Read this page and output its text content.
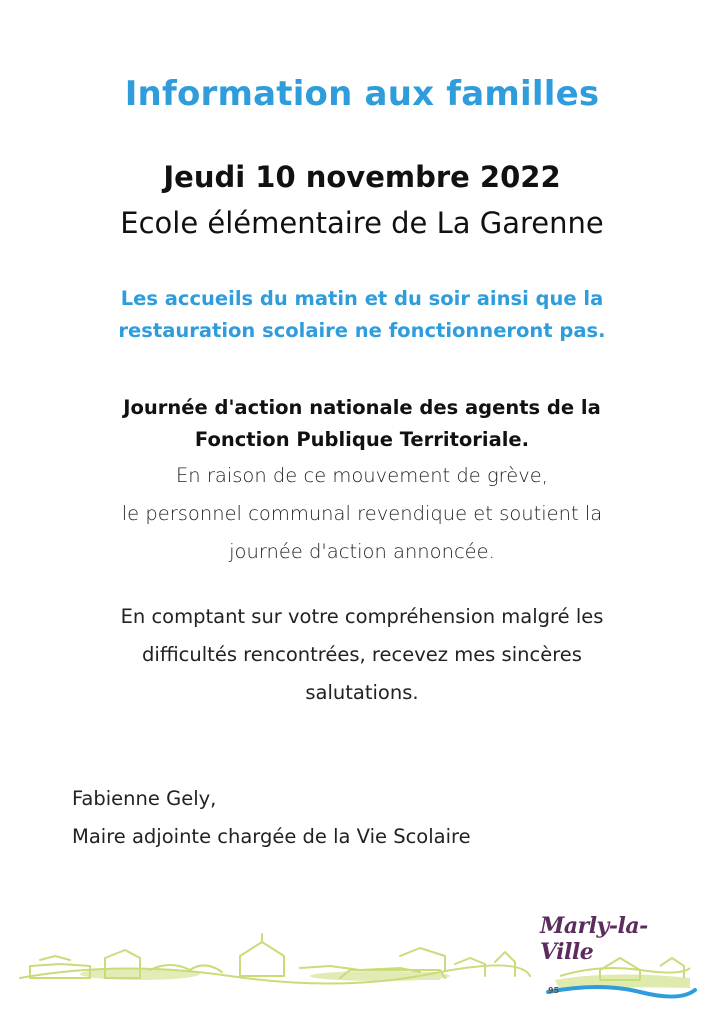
Information aux familles
Jeudi 10 novembre 2022
Ecole élémentaire de La Garenne
Les accueils du matin et du soir ainsi que la
restauration scolaire ne fonctionneront pas.
Journée d'action nationale des agents de la
Fonction Publique Territoriale.
En raison de ce mouvement de grève,
le personnel communal revendique et soutient la
journée d'action annoncée.
En comptant sur votre compréhension malgré les
difficultés rencontrées, recevez mes sincères
salutations.
Fabienne Gely,
Maire adjointe chargée de la Vie Scolaire
Marly-la-Ville
95
